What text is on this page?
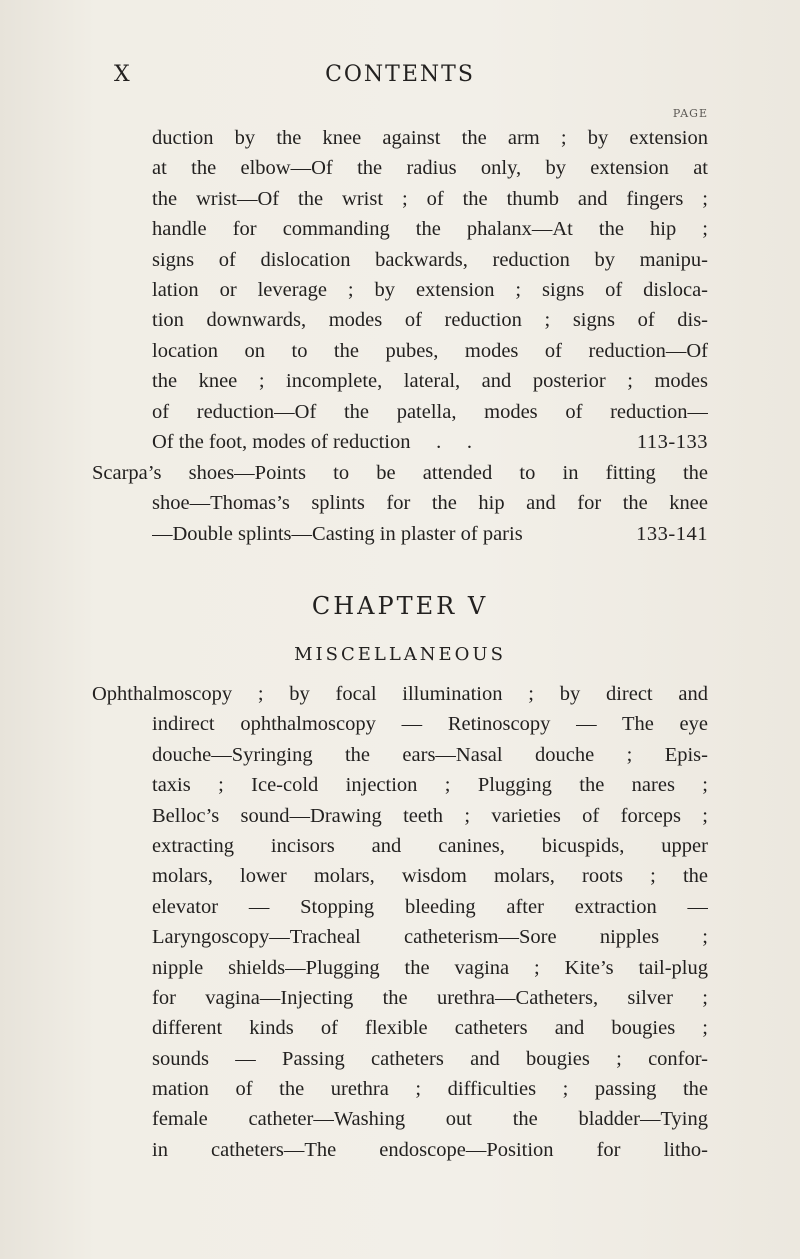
X	CONTENTS
PAGE
duction by the knee against the arm ; by extension
at the elbow—Of the radius only, by extension at
the wrist—Of the wrist ; of the thumb and fingers ;
handle for commanding the phalanx—At the hip ;
signs of dislocation backwards, reduction by manipu-
lation or leverage ; by extension ; signs of disloca-
tion downwards, modes of reduction ; signs of dis-
location on to the pubes, modes of reduction—Of
the knee ; incomplete, lateral, and posterior ; modes
of reduction—Of the patella, modes of reduction—
Of the foot, modes of reduction     .     .	113-133
Scarpa’s shoes—Points to be attended to in fitting the
shoe—Thomas’s splints for the hip and for the knee
—Double splints—Casting in plaster of paris	133-141
CHAPTER V
MISCELLANEOUS
Ophthalmoscopy ; by focal illumination ; by direct and
indirect ophthalmoscopy — Retinoscopy — The eye
douche—Syringing the ears—Nasal douche ; Epis-
taxis ; Ice-cold injection ; Plugging the nares ;
Belloc’s sound—Drawing teeth ; varieties of forceps ;
extracting incisors and canines, bicuspids, upper
molars, lower molars, wisdom molars, roots ; the
elevator — Stopping bleeding after extraction —
Laryngoscopy—Tracheal catheterism—Sore nipples ;
nipple shields—Plugging the vagina ; Kite’s tail-plug
for vagina—Injecting the urethra—Catheters, silver ;
different kinds of flexible catheters and bougies ;
sounds — Passing catheters and bougies ; confor-
mation of the urethra ; difficulties ; passing the
female catheter—Washing out the bladder—Tying
in catheters—The endoscope—Position for litho-
